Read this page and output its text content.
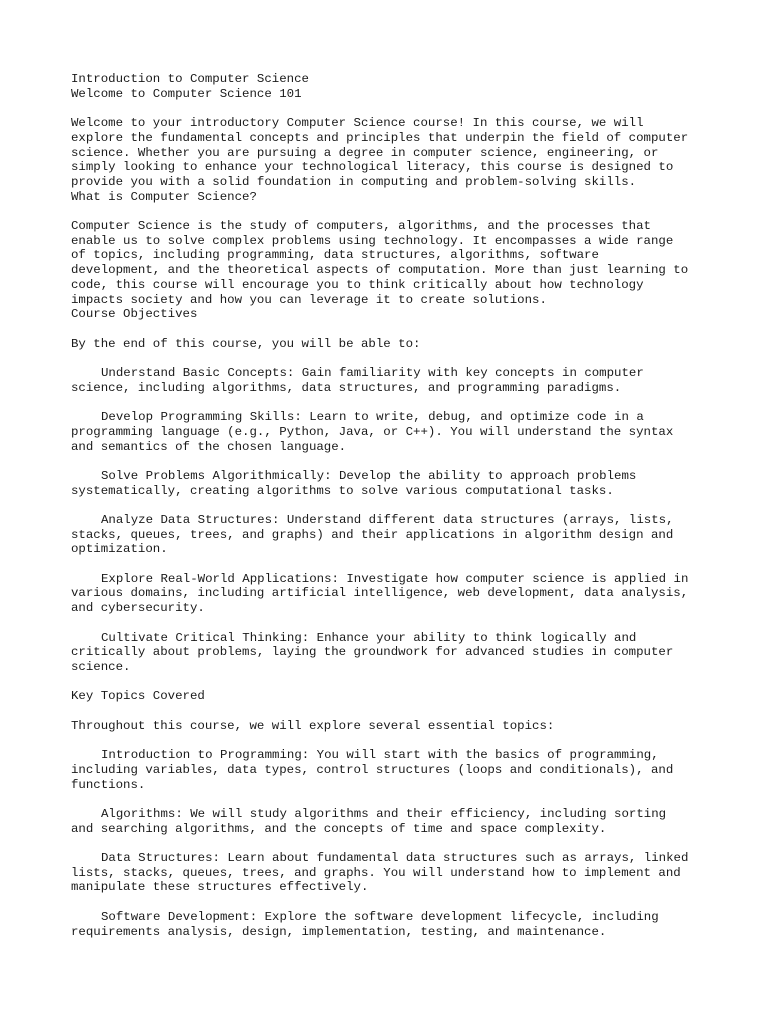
Introduction to Computer Science
Welcome to Computer Science 101
Welcome to your introductory Computer Science course! In this course, we will
explore the fundamental concepts and principles that underpin the field of computer
science. Whether you are pursuing a degree in computer science, engineering, or
simply looking to enhance your technological literacy, this course is designed to
provide you with a solid foundation in computing and problem-solving skills.
What is Computer Science?
Computer Science is the study of computers, algorithms, and the processes that
enable us to solve complex problems using technology. It encompasses a wide range
of topics, including programming, data structures, algorithms, software
development, and the theoretical aspects of computation. More than just learning to
code, this course will encourage you to think critically about how technology
impacts society and how you can leverage it to create solutions.
Course Objectives
By the end of this course, you will be able to:
Understand Basic Concepts: Gain familiarity with key concepts in computer
science, including algorithms, data structures, and programming paradigms.
Develop Programming Skills: Learn to write, debug, and optimize code in a
programming language (e.g., Python, Java, or C++). You will understand the syntax
and semantics of the chosen language.
Solve Problems Algorithmically: Develop the ability to approach problems
systematically, creating algorithms to solve various computational tasks.
Analyze Data Structures: Understand different data structures (arrays, lists,
stacks, queues, trees, and graphs) and their applications in algorithm design and
optimization.
Explore Real-World Applications: Investigate how computer science is applied in
various domains, including artificial intelligence, web development, data analysis,
and cybersecurity.
Cultivate Critical Thinking: Enhance your ability to think logically and
critically about problems, laying the groundwork for advanced studies in computer
science.
Key Topics Covered
Throughout this course, we will explore several essential topics:
Introduction to Programming: You will start with the basics of programming,
including variables, data types, control structures (loops and conditionals), and
functions.
Algorithms: We will study algorithms and their efficiency, including sorting
and searching algorithms, and the concepts of time and space complexity.
Data Structures: Learn about fundamental data structures such as arrays, linked
lists, stacks, queues, trees, and graphs. You will understand how to implement and
manipulate these structures effectively.
Software Development: Explore the software development lifecycle, including
requirements analysis, design, implementation, testing, and maintenance.
